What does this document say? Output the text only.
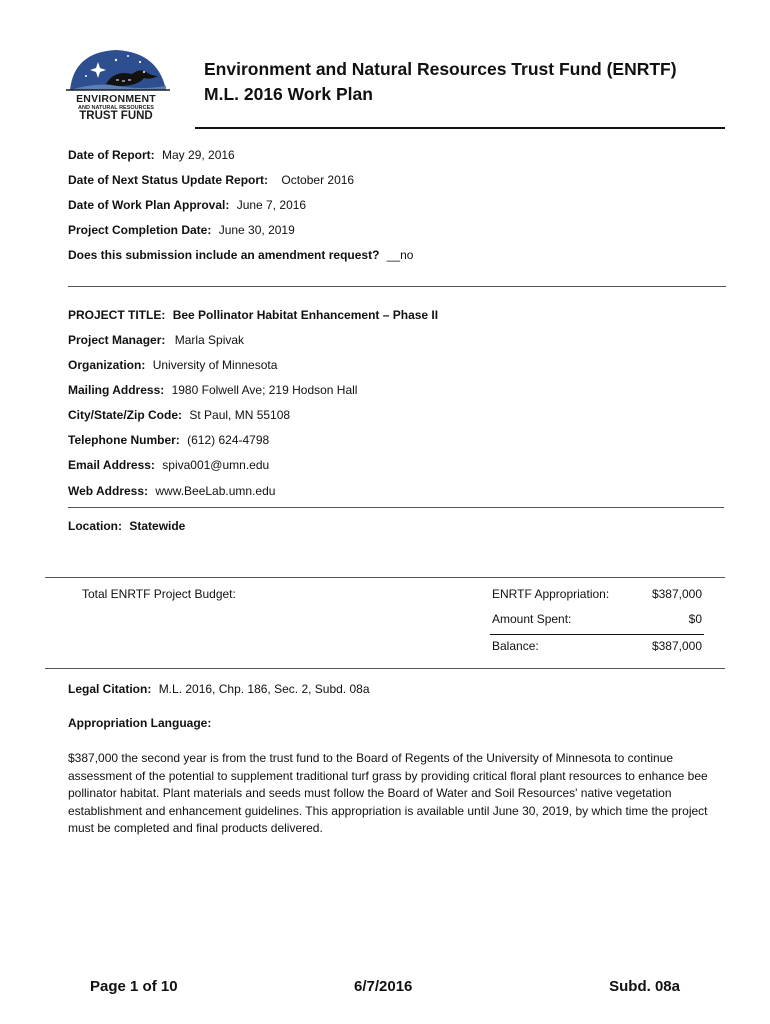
ENVIRONMENT
AND NATURAL RESOURCES
TRUST FUND
Environment and Natural Resources Trust Fund (ENRTF)
M.L. 2016 Work Plan
Date of Report: May 29, 2016
Date of Next Status Update Report: October 2016
Date of Work Plan Approval: June 7, 2016
Project Completion Date: June 30, 2019
Does this submission include an amendment request? __no
PROJECT TITLE: Bee Pollinator Habitat Enhancement – Phase II
Project Manager: Marla Spivak
Organization: University of Minnesota
Mailing Address: 1980 Folwell Ave; 219 Hodson Hall
City/State/Zip Code: St Paul, MN 55108
Telephone Number: (612) 624-4798
Email Address: spiva001@umn.edu
Web Address: www.BeeLab.umn.edu
Location: Statewide
Total ENRTF Project Budget:	ENRTF Appropriation:	$387,000
Amount Spent:	$0
Balance:	$387,000
Legal Citation: M.L. 2016, Chp. 186, Sec. 2, Subd. 08a
Appropriation Language:
$387,000 the second year is from the trust fund to the Board of Regents of the University of Minnesota to continue assessment of the potential to supplement traditional turf grass by providing critical floral plant resources to enhance bee pollinator habitat. Plant materials and seeds must follow the Board of Water and Soil Resources' native vegetation establishment and enhancement guidelines. This appropriation is available until June 30, 2019, by which time the project must be completed and final products delivered.
Page 1 of 10	6/7/2016	Subd. 08a
